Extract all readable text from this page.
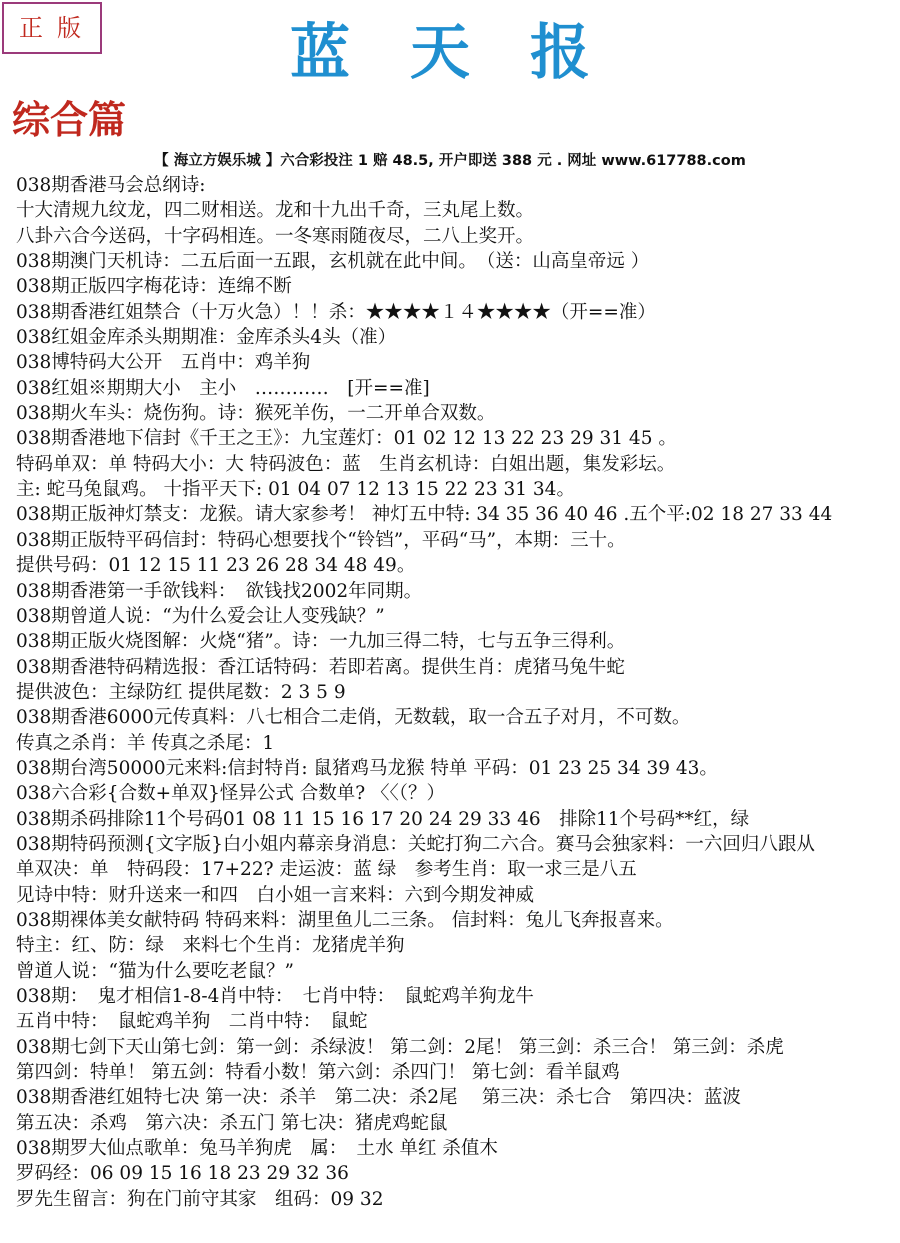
正版	蓝天报
综合篇
【 海立方娱乐城 】六合彩投注 1 赔 48.5, 开户即送 388 元 . 网址 www.617788.com
038期香港马会总纲诗:
十大清规九纹龙，四二财相送。龙和十九出千奇，三丸尾上数。
八卦六合今送码，十字码相连。一冬寒雨随夜尽，二八上奖开。
038期澳门天机诗：二五后面一五跟，玄机就在此中间。　（送：山高皇帝远 ）
038期正版四字梅花诗：连绵不断
038期香港红姐禁合（十万火急）！！杀：★★★★１４★★★★（开==准）
038红姐金库杀头期期准：金库杀头4头（准）
038博特码大公开　五肖中：鸡羊狗
038红姐※期期大小　主小　…………　[开==准]
038期火车头：烧伤狗。诗：猴死羊伤，一二开单合双数。
038期香港地下信封《千王之王》：九宝莲灯：01 02 12 13 22 23 29 31 45 。
特码单双：单 特码大小：大 特码波色：蓝　生肖玄机诗：白姐出题，集发彩坛。
主: 蛇马兔鼠鸡。 十指平天下: 01 04 07 12 13 15 22 23 31 34。
038期正版神灯禁支：龙猴。请大家参考！ 神灯五中特: 34 35 36 40 46 .五个平:02 18 27 33 44
038期正版特平码信封：特码心想要找个“铃铛”，平码“马”，本期：三十。
提供号码：01 12 15 11 23 26 28 34 48 49。
038期香港第一手欲钱料：　欲钱找2002年同期。
038期曾道人说：“为什么爱会让人变残缺？”
038期正版火烧图解：火烧“猪”。诗：一九加三得二特，七与五争三得利。
038期香港特码精选报：香江话特码：若即若离。提供生肖：虎猪马兔牛蛇
提供波色：主绿防红 提供尾数：2 3 5 9
038期香港6000元传真料：八七相合二走俏，无数载，取一合五子对月，不可数。
传真之杀肖：羊 传真之杀尾：1
038期台湾50000元来料:信封特肖: 鼠猪鸡马龙猴 特单 平码：01 23 25 34 39 43。
038六合彩{合数+单双}怪异公式 合数单? 〈〈（？）
038期杀码排除11个号码01 08 11 15 16 17 20 24 29 33 46　排除11个号码**红，绿
038期特码预测{文字版}白小姐内幕亲身消息：关蛇打狗二六合。赛马会独家料：一六回归八跟从
单双决：单　特码段：17+22? 走运波：蓝 绿　参考生肖：取一求三是八五
见诗中特：财升送来一和四　白小姐一言来料：六到今期发神威
038期裸体美女献特码 特码来料：湖里鱼儿二三条。 信封料：兔儿飞奔报喜来。
特主：红、防：绿　来料七个生肖：龙猪虎羊狗
曾道人说：“猫为什么要吃老鼠？”
038期：　鬼才相信1-8-4肖中特：　七肖中特：　鼠蛇鸡羊狗龙牛
五肖中特：　鼠蛇鸡羊狗　二肖中特：　鼠蛇
038期七剑下天山第七剑：第一剑：杀绿波！ 第二剑：2尾！ 第三剑：杀三合！ 第三剑：杀虎
第四剑：特单！ 第五剑：特看小数！第六剑：杀四门！ 第七剑：看羊鼠鸡
038期香港红姐特七决 第一决：杀羊　第二决：杀2尾　 第三决：杀七合　第四决：蓝波
第五决：杀鸡　第六决：杀五门 第七决：猪虎鸡蛇鼠
038期罗大仙点歌单：兔马羊狗虎　属：　土水 单红 杀值木
罗码经：06 09 15 16 18 23 29 32 36
罗先生留言：狗在门前守其家　组码：09 32
